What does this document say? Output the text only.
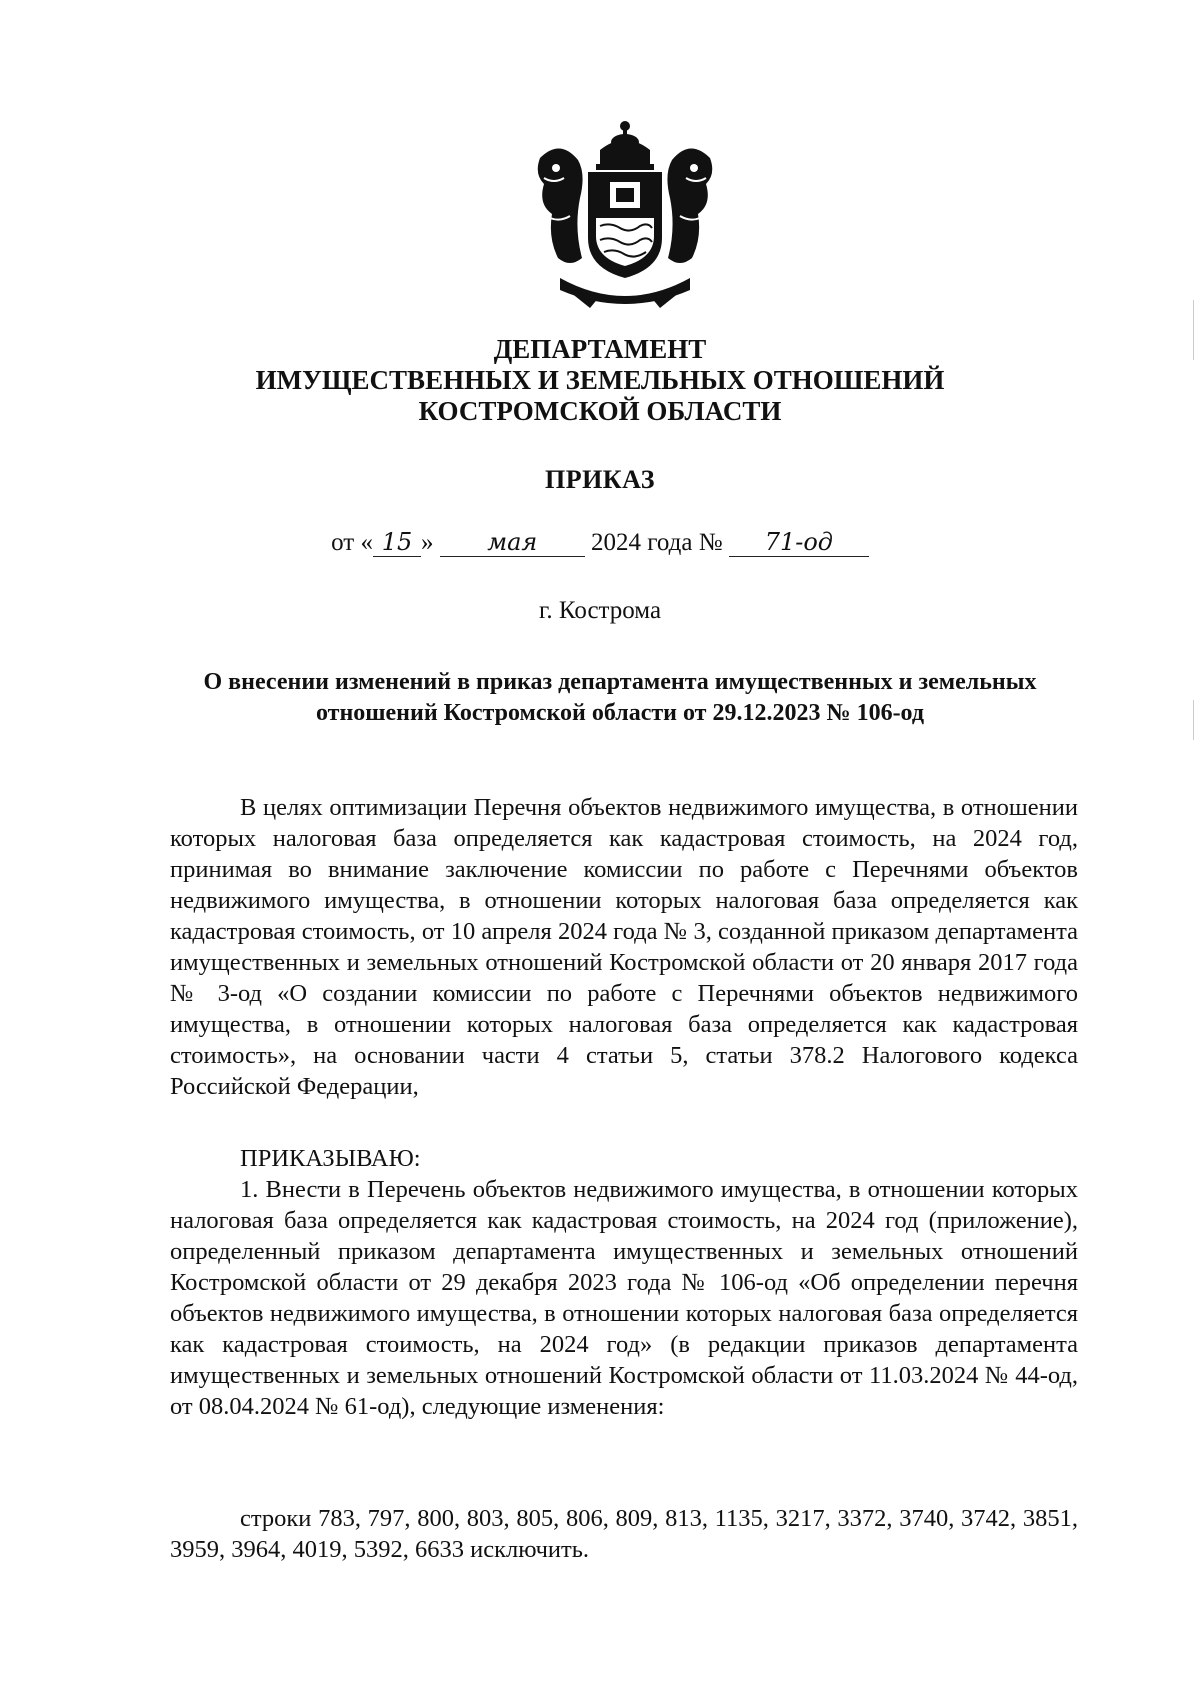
ДЕПАРТАМЕНТ
ИМУЩЕСТВЕННЫХ И ЗЕМЕЛЬНЫХ ОТНОШЕНИЙ
КОСТРОМСКОЙ ОБЛАСТИ
ПРИКАЗ
от « 15 » мая 2024 года № 71-од
г. Кострома
О внесении изменений в приказ департамента имущественных и земельных отношений Костромской области от 29.12.2023 № 106-од
В целях оптимизации Перечня объектов недвижимого имущества, в отношении которых налоговая база определяется как кадастровая стоимость, на 2024 год, принимая во внимание заключение комиссии по работе с Перечнями объектов недвижимого имущества, в отношении которых налоговая база определяется как кадастровая стоимость, от 10 апреля 2024 года № 3, созданной приказом департамента имущественных и земельных отношений Костромской области от 20 января 2017 года № 3-од «О создании комиссии по работе с Перечнями объектов недвижимого имущества, в отношении которых налоговая база определяется как кадастровая стоимость», на основании части 4 статьи 5, статьи 378.2 Налогового кодекса Российской Федерации,
ПРИКАЗЫВАЮ:
1. Внести в Перечень объектов недвижимого имущества, в отношении которых налоговая база определяется как кадастровая стоимость, на 2024 год (приложение), определенный приказом департамента имущественных и земельных отношений Костромской области от 29 декабря 2023 года № 106-од «Об определении перечня объектов недвижимого имущества, в отношении которых налоговая база определяется как кадастровая стоимость, на 2024 год» (в редакции приказов департамента имущественных и земельных отношений Костромской области от 11.03.2024 № 44-од, от 08.04.2024 № 61-од), следующие изменения:
строки 783, 797, 800, 803, 805, 806, 809, 813, 1135, 3217, 3372, 3740, 3742, 3851, 3959, 3964, 4019, 5392, 6633 исключить.
